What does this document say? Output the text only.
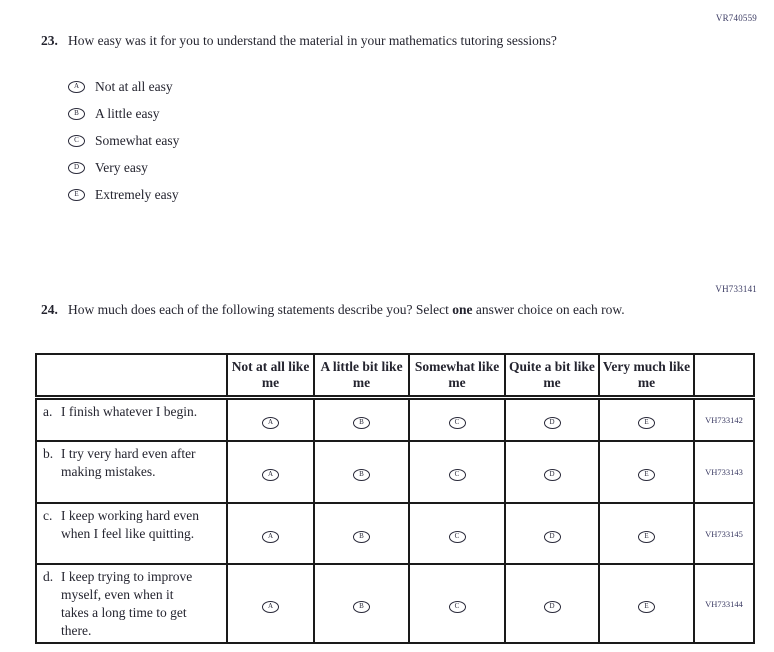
VR740559
23. How easy was it for you to understand the material in your mathematics tutoring sessions?
A	Not at all easy
B	A little easy
C	Somewhat easy
D	Very easy
E	Extremely easy
VH733141
24. How much does each of the following statements describe you? Select one answer choice on each row.
	Not at all like me	A little bit like me	Somewhat like me	Quite a bit like me	Very much like me	

a. I finish whatever I begin.	A	B	C	D	E	VH733142

b. I try very hard even after making mistakes.	A	B	C	D	E	VH733143

c. I keep working hard even when I feel like quitting.	A	B	C	D	E	VH733145

d. I keep trying to improve myself, even when it takes a long time to get there.	A	B	C	D	E	VH733144
